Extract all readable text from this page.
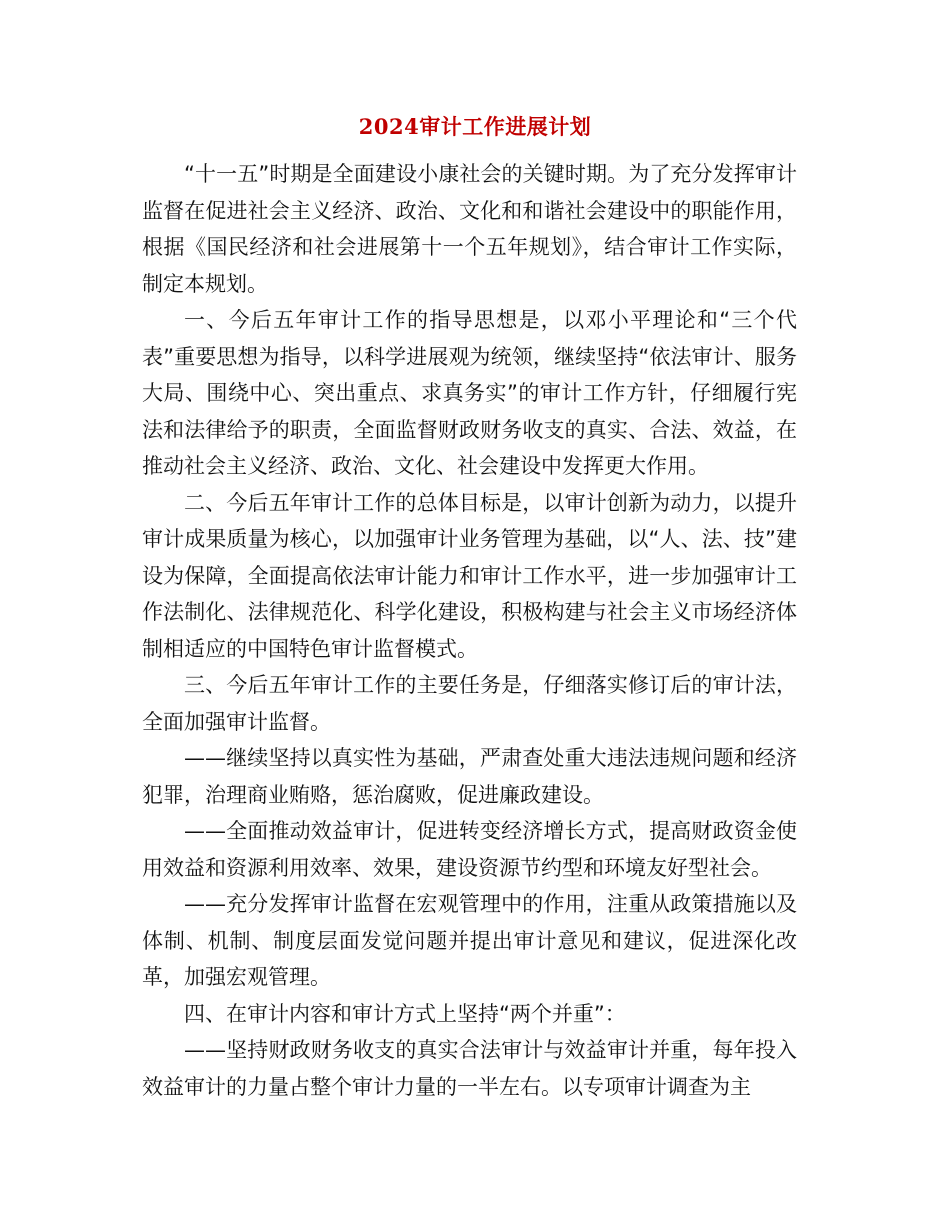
2024审计工作进展计划

“十一五”时期是全面建设小康社会的关键时期。为了充分发挥审计监督在促进社会主义经济、政治、文化和和谐社会建设中的职能作用，根据《国民经济和社会进展第十一个五年规划》，结合审计工作实际，制定本规划。

一、今后五年审计工作的指导思想是，以邓小平理论和“三个代表”重要思想为指导，以科学进展观为统领，继续坚持“依法审计、服务大局、围绕中心、突出重点、求真务实”的审计工作方针，仔细履行宪法和法律给予的职责，全面监督财政财务收支的真实、合法、效益，在推动社会主义经济、政治、文化、社会建设中发挥更大作用。

二、今后五年审计工作的总体目标是，以审计创新为动力，以提升审计成果质量为核心，以加强审计业务管理为基础，以“人、法、技”建设为保障，全面提高依法审计能力和审计工作水平，进一步加强审计工作法制化、法律规范化、科学化建设，积极构建与社会主义市场经济体制相适应的中国特色审计监督模式。

三、今后五年审计工作的主要任务是，仔细落实修订后的审计法，全面加强审计监督。

——继续坚持以真实性为基础，严肃查处重大违法违规问题和经济犯罪，治理商业贿赂，惩治腐败，促进廉政建设。

——全面推动效益审计，促进转变经济增长方式，提高财政资金使用效益和资源利用效率、效果，建设资源节约型和环境友好型社会。

——充分发挥审计监督在宏观管理中的作用，注重从政策措施以及体制、机制、制度层面发觉问题并提出审计意见和建议，促进深化改革，加强宏观管理。

四、在审计内容和审计方式上坚持“两个并重”：

——坚持财政财务收支的真实合法审计与效益审计并重，每年投入效益审计的力量占整个审计力量的一半左右。以专项审计调查为主
